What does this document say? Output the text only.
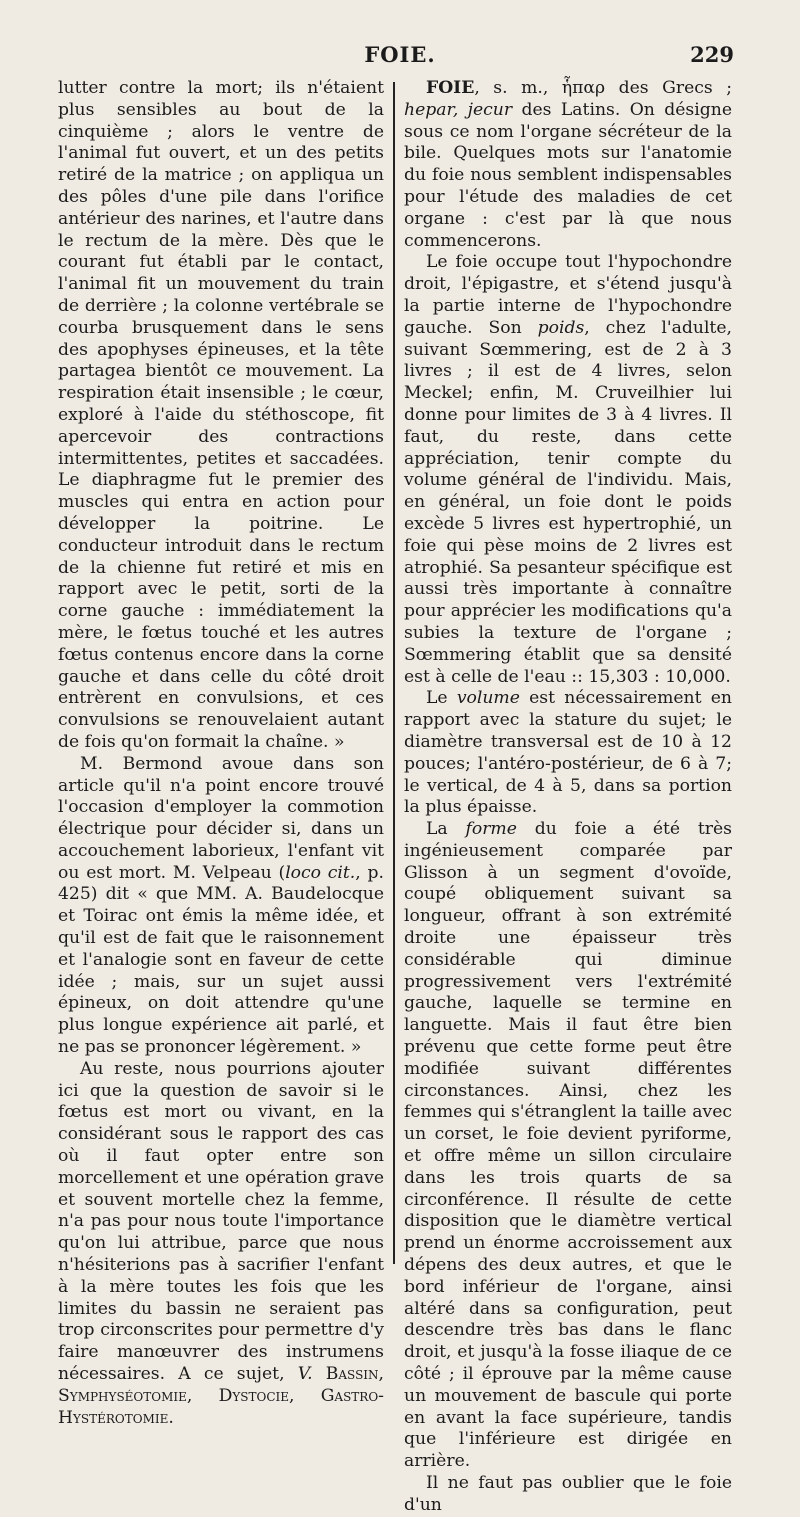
FOIE.	229

lutter contre la mort; ils n'étaient plus sensibles au bout de la cinquième ; alors le ventre de l'animal fut ouvert, et un des petits retiré de la matrice ; on appliqua un des pôles d'une pile dans l'orifice antérieur des narines, et l'autre dans le rectum de la mère. Dès que le courant fut établi par le contact, l'animal fit un mouvement du train de derrière ; la colonne vertébrale se courba brusquement dans le sens des apophyses épineuses, et la tête partagea bientôt ce mouvement. La respiration était insensible ; le cœur, exploré à l'aide du stéthoscope, fit apercevoir des contractions intermittentes, petites et saccadées. Le diaphragme fut le premier des muscles qui entra en action pour développer la poitrine. Le conducteur introduit dans le rectum de la chienne fut retiré et mis en rapport avec le petit, sorti de la corne gauche : immédiatement la mère, le fœtus touché et les autres fœtus contenus encore dans la corne gauche et dans celle du côté droit entrèrent en convulsions, et ces convulsions se renouvelaient autant de fois qu'on formait la chaîne. »

M. Bermond avoue dans son article qu'il n'a point encore trouvé l'occasion d'employer la commotion électrique pour décider si, dans un accouchement laborieux, l'enfant vit ou est mort. M. Velpeau (loco cit., p. 425) dit « que MM. A. Baudelocque et Toirac ont émis la même idée, et qu'il est de fait que le raisonnement et l'analogie sont en faveur de cette idée ; mais, sur un sujet aussi épineux, on doit attendre qu'une plus longue expérience ait parlé, et ne pas se prononcer légèrement. »

Au reste, nous pourrions ajouter ici que la question de savoir si le fœtus est mort ou vivant, en la considérant sous le rapport des cas où il faut opter entre son morcellement et une opération grave et souvent mortelle chez la femme, n'a pas pour nous toute l'importance qu'on lui attribue, parce que nous n'hésiterions pas à sacrifier l'enfant à la mère toutes les fois que les limites du bassin ne seraient pas trop circonscrites pour permettre d'y faire manœuvrer des instrumens nécessaires. A ce sujet, V. Bassin, Symphyséotomie, Dystocie, Gastro-Hystérotomie.

FOIE, s. m., ἧπαρ des Grecs ; hepar, jecur des Latins. On désigne sous ce nom l'organe sécréteur de la bile. Quelques mots sur l'anatomie du foie nous semblent indispensables pour l'étude des maladies de cet organe : c'est par là que nous commencerons.

Le foie occupe tout l'hypochondre droit, l'épigastre, et s'étend jusqu'à la partie interne de l'hypochondre gauche. Son poids, chez l'adulte, suivant Sœmmering, est de 2 à 3 livres ; il est de 4 livres, selon Meckel; enfin, M. Cruveilhier lui donne pour limites de 3 à 4 livres. Il faut, du reste, dans cette appréciation, tenir compte du volume général de l'individu. Mais, en général, un foie dont le poids excède 5 livres est hypertrophié, un foie qui pèse moins de 2 livres est atrophié. Sa pesanteur spécifique est aussi très importante à connaître pour apprécier les modifications qu'a subies la texture de l'organe ; Sœmmering établit que sa densité est à celle de l'eau :: 15,303 : 10,000.

Le volume est nécessairement en rapport avec la stature du sujet; le diamètre transversal est de 10 à 12 pouces; l'antéro-postérieur, de 6 à 7; le vertical, de 4 à 5, dans sa portion la plus épaisse.

La forme du foie a été très ingénieusement comparée par Glisson à un segment d'ovoïde, coupé obliquement suivant sa longueur, offrant à son extrémité droite une épaisseur très considérable qui diminue progressivement vers l'extrémité gauche, laquelle se termine en languette. Mais il faut être bien prévenu que cette forme peut être modifiée suivant différentes circonstances. Ainsi, chez les femmes qui s'étranglent la taille avec un corset, le foie devient pyriforme, et offre même un sillon circulaire dans les trois quarts de sa circonférence. Il résulte de cette disposition que le diamètre vertical prend un énorme accroissement aux dépens des deux autres, et que le bord inférieur de l'organe, ainsi altéré dans sa configuration, peut descendre très bas dans le flanc droit, et jusqu'à la fosse iliaque de ce côté ; il éprouve par la même cause un mouvement de bascule qui porte en avant la face supérieure, tandis que l'inférieure est dirigée en arrière.

Il ne faut pas oublier que le foie d'un
